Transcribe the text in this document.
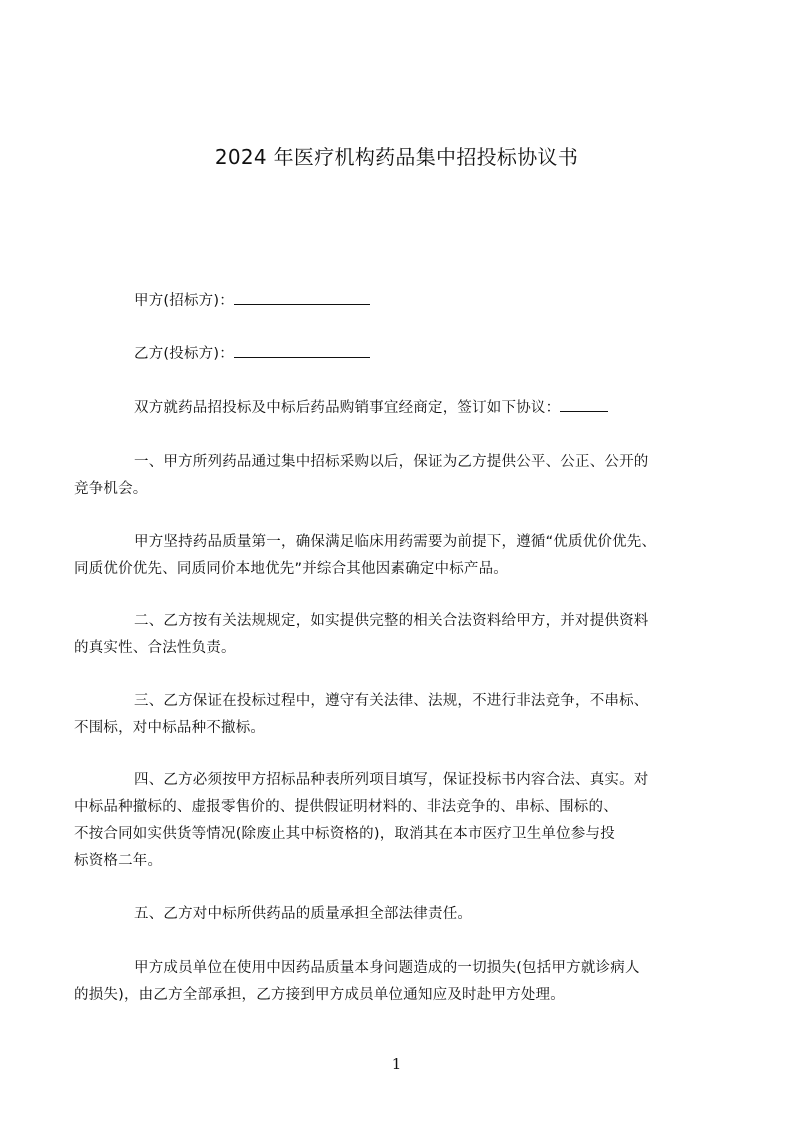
2024 年医疗机构药品集中招投标协议书

甲方(招标方)：

乙方(投标方)：

双方就药品招投标及中标后药品购销事宜经商定，签订如下协议：

一、甲方所列药品通过集中招标采购以后，保证为乙方提供公平、公正、公开的
竞争机会。

甲方坚持药品质量第一，确保满足临床用药需要为前提下，遵循“优质优价优先、
同质优价优先、同质同价本地优先”并综合其他因素确定中标产品。

二、乙方按有关法规规定，如实提供完整的相关合法资料给甲方，并对提供资料
的真实性、合法性负责。

三、乙方保证在投标过程中，遵守有关法律、法规，不进行非法竞争，不串标、
不围标，对中标品种不撤标。

四、乙方必须按甲方招标品种表所列项目填写，保证投标书内容合法、真实。对
中标品种撤标的、虚报零售价的、提供假证明材料的、非法竞争的、串标、围标的、
不按合同如实供货等情况(除废止其中标资格的)，取消其在本市医疗卫生单位参与投
标资格二年。

五、乙方对中标所供药品的质量承担全部法律责任。

甲方成员单位在使用中因药品质量本身问题造成的一切损失(包括甲方就诊病人
的损失)，由乙方全部承担，乙方接到甲方成员单位通知应及时赴甲方处理。

1
